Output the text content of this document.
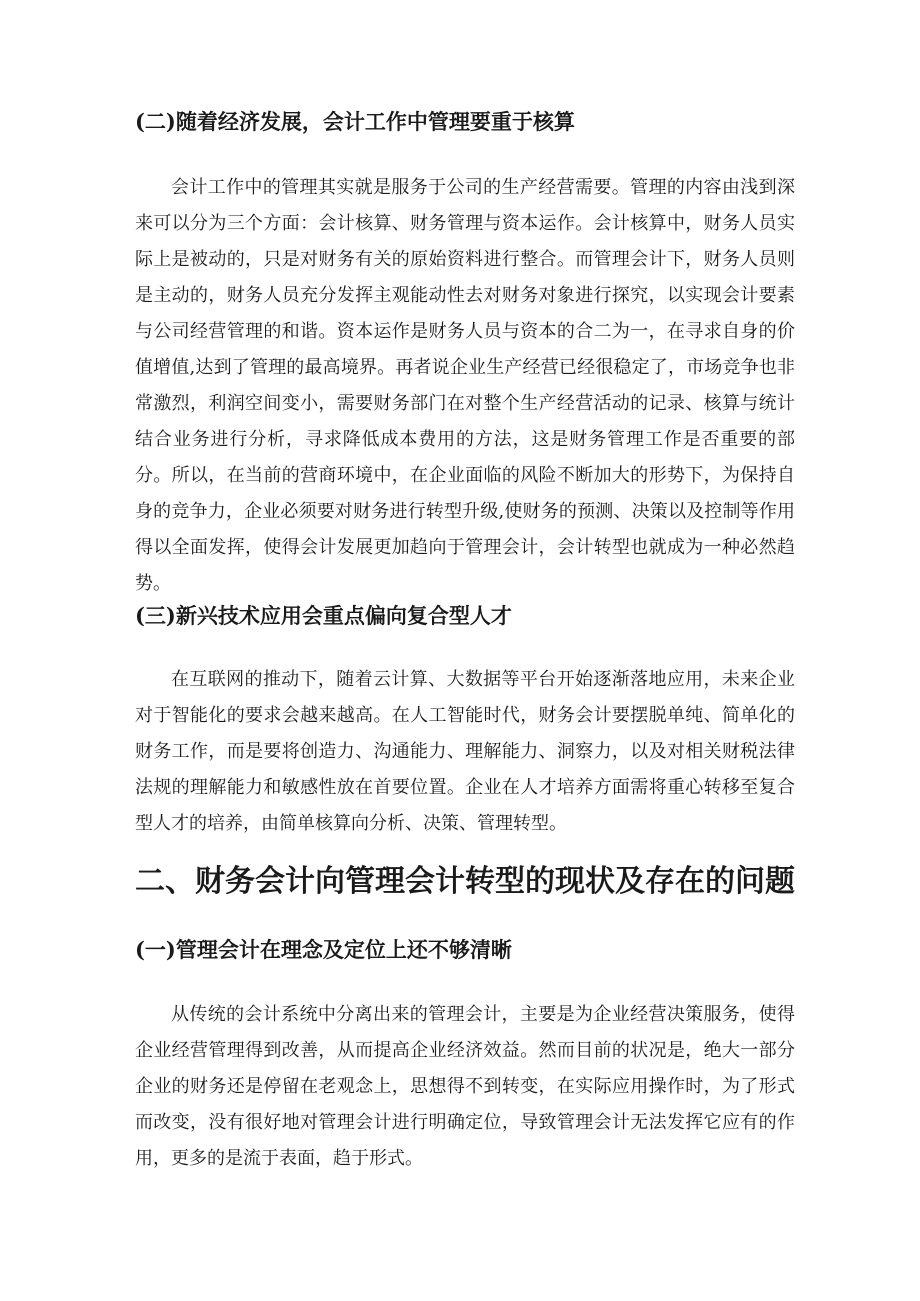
(二)随着经济发展，会计工作中管理要重于核算

会计工作中的管理其实就是服务于公司的生产经营需要。管理的内容由浅到深来可以分为三个方面：会计核算、财务管理与资本运作。会计核算中，财务人员实际上是被动的，只是对财务有关的原始资料进行整合。而管理会计下，财务人员则是主动的，财务人员充分发挥主观能动性去对财务对象进行探究，以实现会计要素与公司经营管理的和谐。资本运作是财务人员与资本的合二为一，在寻求自身的价值增值,达到了管理的最高境界。再者说企业生产经营已经很稳定了，市场竞争也非常激烈，利润空间变小，需要财务部门在对整个生产经营活动的记录、核算与统计结合业务进行分析，寻求降低成本费用的方法，这是财务管理工作是否重要的部分。所以，在当前的营商环境中，在企业面临的风险不断加大的形势下，为保持自身的竞争力，企业必须要对财务进行转型升级,使财务的预测、决策以及控制等作用得以全面发挥，使得会计发展更加趋向于管理会计，会计转型也就成为一种必然趋势。

(三)新兴技术应用会重点偏向复合型人才

在互联网的推动下，随着云计算、大数据等平台开始逐渐落地应用，未来企业对于智能化的要求会越来越高。在人工智能时代，财务会计要摆脱单纯、简单化的财务工作，而是要将创造力、沟通能力、理解能力、洞察力，以及对相关财税法律法规的理解能力和敏感性放在首要位置。企业在人才培养方面需将重心转移至复合型人才的培养，由简单核算向分析、决策、管理转型。

二、财务会计向管理会计转型的现状及存在的问题
(一)管理会计在理念及定位上还不够清晰

从传统的会计系统中分离出来的管理会计，主要是为企业经营决策服务，使得企业经营管理得到改善，从而提高企业经济效益。然而目前的状况是，绝大一部分企业的财务还是停留在老观念上，思想得不到转变，在实际应用操作时，为了形式而改变，没有很好地对管理会计进行明确定位，导致管理会计无法发挥它应有的作用，更多的是流于表面，趋于形式。
